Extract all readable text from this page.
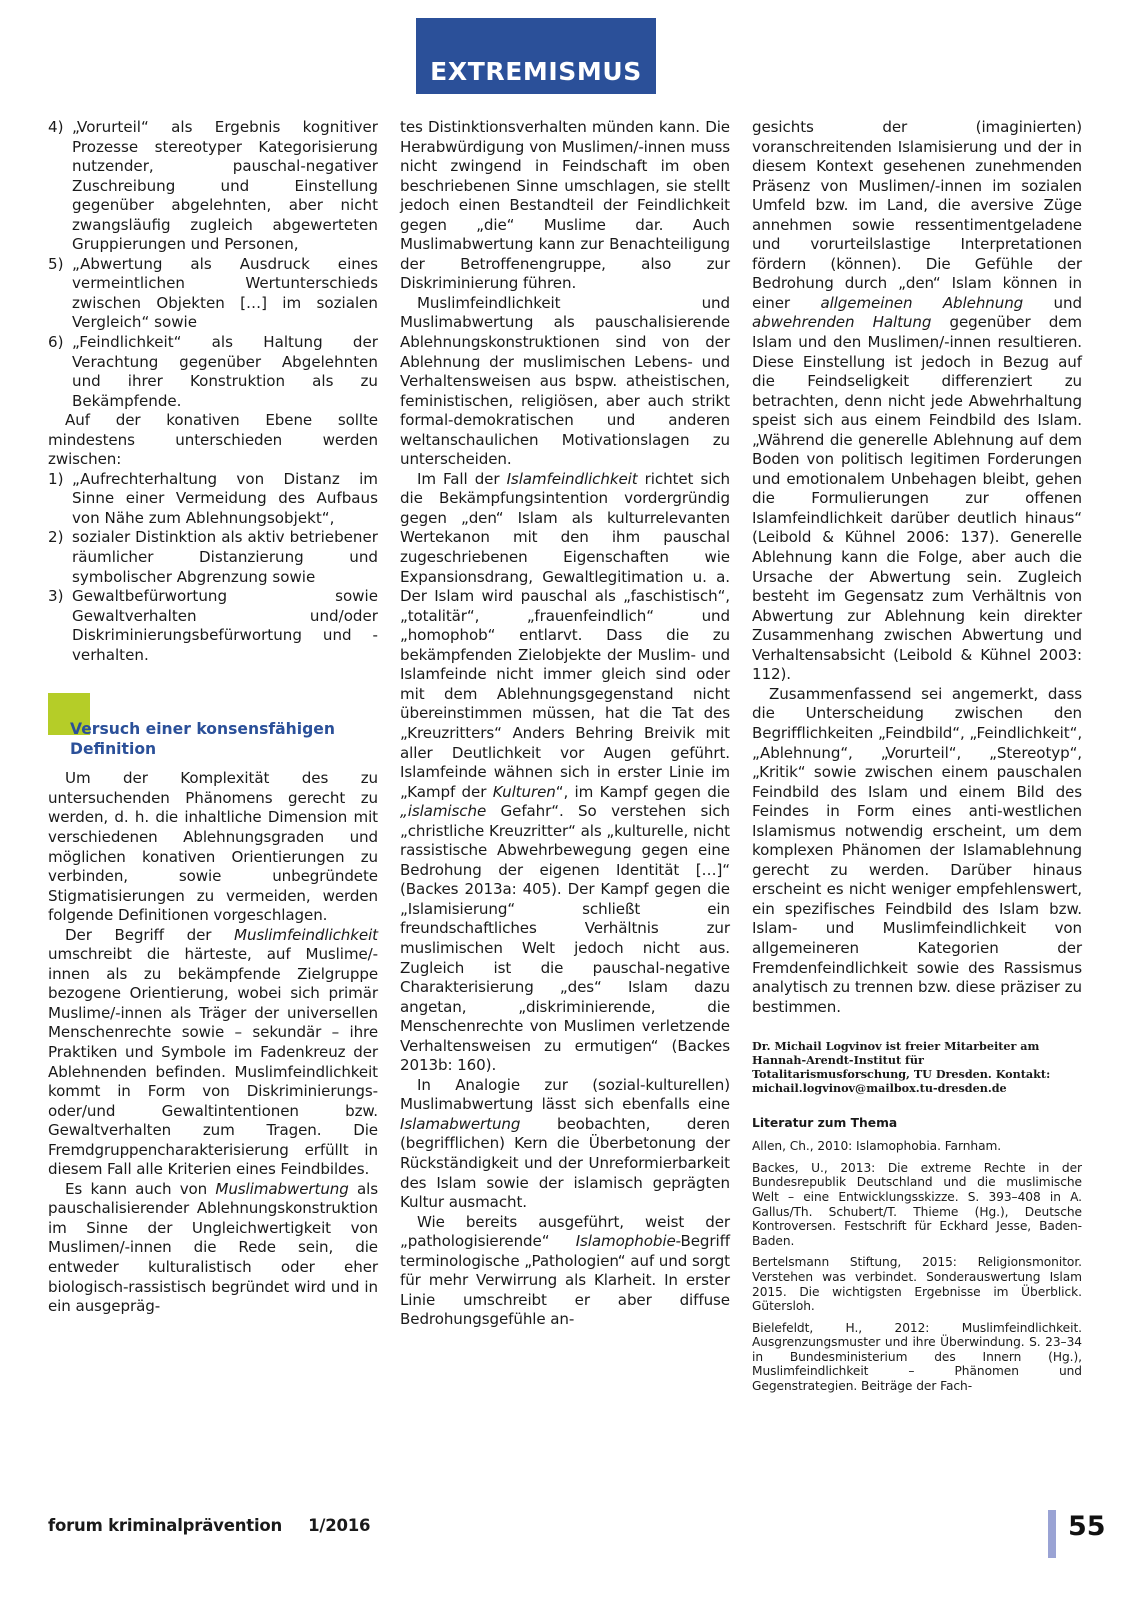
EXTREMISMUS
4) „Vorurteil“ als Ergebnis kognitiver Prozesse stereotyper Kategorisierung nutzender, pauschal-negativer Zuschreibung und Einstellung gegenüber abgelehnten, aber nicht zwangsläufig zugleich abgewerteten Gruppierungen und Personen,
5) „Abwertung als Ausdruck eines vermeintlichen Wertunterschieds zwischen Objekten […] im sozialen Vergleich“ sowie
6) „Feindlichkeit“ als Haltung der Verachtung gegenüber Abgelehnten und ihrer Konstruktion als zu Bekämpfende.

Auf der konativen Ebene sollte mindestens unterschieden werden zwischen:

1) „Aufrechterhaltung von Distanz im Sinne einer Vermeidung des Aufbaus von Nähe zum Ablehnungsobjekt“,
2) sozialer Distinktion als aktiv betriebener räumlicher Distanzierung und symbolischer Abgrenzung sowie
3) Gewaltbefürwortung sowie Gewaltverhalten und/oder Diskriminierungsbefürwortung und -verhalten.
Versuch einer konsensfähigen Definition

Um der Komplexität des zu untersuchenden Phänomens gerecht zu werden, d. h. die inhaltliche Dimension mit verschiedenen Ablehnungsgraden und möglichen konativen Orientierungen zu verbinden, sowie unbegründete Stigmatisierungen zu vermeiden, werden folgende Definitionen vorgeschlagen.

Der Begriff der Muslimfeindlichkeit umschreibt die härteste, auf Muslime/-innen als zu bekämpfende Zielgruppe bezogene Orientierung, wobei sich primär Muslime/-innen als Träger der universellen Menschenrechte sowie – sekundär – ihre Praktiken und Symbole im Fadenkreuz der Ablehnenden befinden. Muslimfeindlichkeit kommt in Form von Diskriminierungs- oder/und Gewaltintentionen bzw. Gewaltverhalten zum Tragen. Die Fremdgruppencharakterisierung erfüllt in diesem Fall alle Kriterien eines Feindbildes.

Es kann auch von Muslimabwertung als pauschalisierender Ablehnungskonstruktion im Sinne der Ungleichwertigkeit von Muslimen/-innen die Rede sein, die entweder kulturalistisch oder eher biologisch-rassistisch begründet wird und in ein ausgepräg-

tes Distinktionsverhalten münden kann. Die Herabwürdigung von Muslimen/-innen muss nicht zwingend in Feindschaft im oben beschriebenen Sinne umschlagen, sie stellt jedoch einen Bestandteil der Feindlichkeit gegen „die“ Muslime dar. Auch Muslimabwertung kann zur Benachteiligung der Betroffenengruppe, also zur Diskriminierung führen.

Muslimfeindlichkeit und Muslimabwertung als pauschalisierende Ablehnungskonstruktionen sind von der Ablehnung der muslimischen Lebens- und Verhaltensweisen aus bspw. atheistischen, feministischen, religiösen, aber auch strikt formal-demokratischen und anderen weltanschaulichen Motivationslagen zu unterscheiden.

Im Fall der Islamfeindlichkeit richtet sich die Bekämpfungsintention vordergründig gegen „den“ Islam als kulturrelevanten Wertekanon mit den ihm pauschal zugeschriebenen Eigenschaften wie Expansionsdrang, Gewaltlegitimation u. a. Der Islam wird pauschal als „faschistisch“, „totalitär“, „frauenfeindlich“ und „homophob“ entlarvt. Dass die zu bekämpfenden Zielobjekte der Muslim- und Islamfeinde nicht immer gleich sind oder mit dem Ablehnungsgegenstand nicht übereinstimmen müssen, hat die Tat des „Kreuzritters“ Anders Behring Breivik mit aller Deutlichkeit vor Augen geführt. Islamfeinde wähnen sich in erster Linie im „Kampf der Kulturen“, im Kampf gegen die „islamische Gefahr“. So verstehen sich „christliche Kreuzritter“ als „kulturelle, nicht rassistische Abwehrbewegung gegen eine Bedrohung der eigenen Identität […]“ (Backes 2013a: 405). Der Kampf gegen die „Islamisierung“ schließt ein freundschaftliches Verhältnis zur muslimischen Welt jedoch nicht aus. Zugleich ist die pauschal-negative Charakterisierung „des“ Islam dazu angetan, „diskriminierende, die Menschenrechte von Muslimen verletzende Verhaltensweisen zu ermutigen“ (Backes 2013b: 160).

In Analogie zur (sozial-kulturellen) Muslimabwertung lässt sich ebenfalls eine Islamabwertung beobachten, deren (begrifflichen) Kern die Überbetonung der Rückständigkeit und der Unreformierbarkeit des Islam sowie der islamisch geprägten Kultur ausmacht.

Wie bereits ausgeführt, weist der „pathologisierende“ Islamophobie-Begriff terminologische „Pathologien“ auf und sorgt für mehr Verwirrung als Klarheit. In erster Linie umschreibt er aber diffuse Bedrohungsgefühle an-

gesichts der (imaginierten) voranschreitenden Islamisierung und der in diesem Kontext gesehenen zunehmenden Präsenz von Muslimen/-innen im sozialen Umfeld bzw. im Land, die aversive Züge annehmen sowie ressentimentgeladene und vorurteilslastige Interpretationen fördern (können). Die Gefühle der Bedrohung durch „den“ Islam können in einer allgemeinen Ablehnung und abwehrenden Haltung gegenüber dem Islam und den Muslimen/-innen resultieren. Diese Einstellung ist jedoch in Bezug auf die Feindseligkeit differenziert zu betrachten, denn nicht jede Abwehrhaltung speist sich aus einem Feindbild des Islam. „Während die generelle Ablehnung auf dem Boden von politisch legitimen Forderungen und emotionalem Unbehagen bleibt, gehen die Formulierungen zur offenen Islamfeindlichkeit darüber deutlich hinaus“ (Leibold & Kühnel 2006: 137). Generelle Ablehnung kann die Folge, aber auch die Ursache der Abwertung sein. Zugleich besteht im Gegensatz zum Verhältnis von Abwertung zur Ablehnung kein direkter Zusammenhang zwischen Abwertung und Verhaltensabsicht (Leibold & Kühnel 2003: 112).

Zusammenfassend sei angemerkt, dass die Unterscheidung zwischen den Begrifflichkeiten „Feindbild“, „Feindlichkeit“, „Ablehnung“, „Vorurteil“, „Stereotyp“, „Kritik“ sowie zwischen einem pauschalen Feindbild des Islam und einem Bild des Feindes in Form eines anti-westlichen Islamismus notwendig erscheint, um dem komplexen Phänomen der Islamablehnung gerecht zu werden. Darüber hinaus erscheint es nicht weniger empfehlenswert, ein spezifisches Feindbild des Islam bzw. Islam- und Muslimfeindlichkeit von allgemeineren Kategorien der Fremdenfeindlichkeit sowie des Rassismus analytisch zu trennen bzw. diese präziser zu bestimmen.

Dr. Michail Logvinov ist freier Mitarbeiter am Hannah-Arendt-Institut für Totalitarismusforschung, TU Dresden. Kontakt: michail.logvinov@mailbox.tu-dresden.de
Literatur zum Thema
Allen, Ch., 2010: Islamophobia. Farnham.
Backes, U., 2013: Die extreme Rechte in der Bundesrepublik Deutschland und die muslimische Welt – eine Entwicklungsskizze. S. 393–408 in A. Gallus/Th. Schubert/T. Thieme (Hg.), Deutsche Kontroversen. Festschrift für Eckhard Jesse, Baden-Baden.
Bertelsmann Stiftung, 2015: Religionsmonitor. Verstehen was verbindet. Sonderauswertung Islam 2015. Die wichtigsten Ergebnisse im Überblick. Gütersloh.
Bielefeldt, H., 2012: Muslimfeindlichkeit. Ausgrenzungsmuster und ihre Überwindung. S. 23–34 in Bundesministerium des Innern (Hg.), Muslimfeindlichkeit – Phänomen und Gegenstrategien. Beiträge der Fach-
forum kriminalprävention 1/2016	55
